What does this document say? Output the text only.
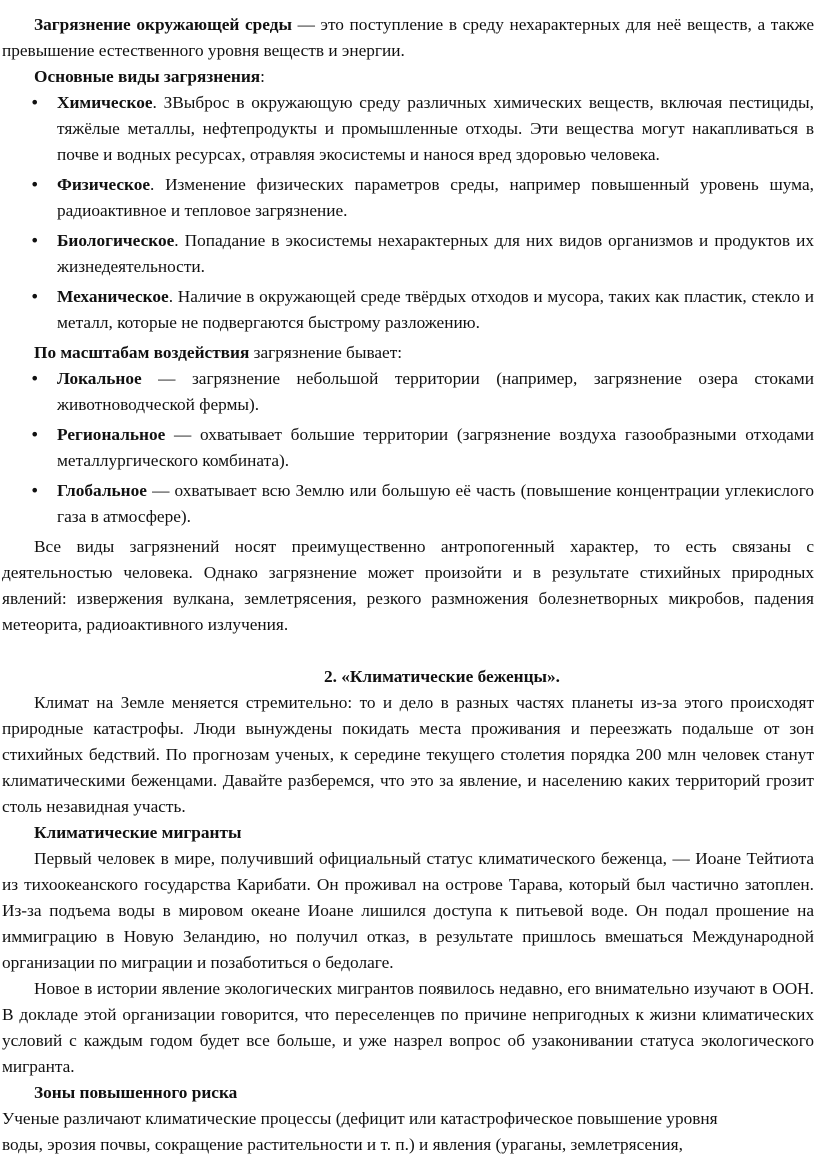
Загрязнение окружающей среды — это поступление в среду нехарактерных для неё веществ, а также превышение естественного уровня веществ и энергии.

Основные виды загрязнения:

• Химическое. ЗВыброс в окружающую среду различных химических веществ, включая пестициды, тяжёлые металлы, нефтепродукты и промышленные отходы. Эти вещества могут накапливаться в почве и водных ресурсах, отравляя экосистемы и нанося вред здоровью человека.
• Физическое. Изменение физических параметров среды, например повышенный уровень шума, радиоактивное и тепловое загрязнение.
• Биологическое. Попадание в экосистемы нехарактерных для них видов организмов и продуктов их жизнедеятельности.
• Механическое. Наличие в окружающей среде твёрдых отходов и мусора, таких как пластик, стекло и металл, которые не подвергаются быстрому разложению.

По масштабам воздействия загрязнение бывает:

• Локальное — загрязнение небольшой территории (например, загрязнение озера стоками животноводческой фермы).
• Региональное — охватывает большие территории (загрязнение воздуха газообразными отходами металлургического комбината).
• Глобальное — охватывает всю Землю или большую её часть (повышение концентрации углекислого газа в атмосфере).

Все виды загрязнений носят преимущественно антропогенный характер, то есть связаны с деятельностью человека. Однако загрязнение может произойти и в результате стихийных природных явлений: извержения вулкана, землетрясения, резкого размножения болезнетворных микробов, падения метеорита, радиоактивного излучения.

2. «Климатические беженцы».

Климат на Земле меняется стремительно: то и дело в разных частях планеты из-за этого происходят природные катастрофы. Люди вынуждены покидать места проживания и переезжать подальше от зон стихийных бедствий. По прогнозам ученых, к середине текущего столетия порядка 200 млн человек станут климатическими беженцами. Давайте разберемся, что это за явление, и населению каких территорий грозит столь незавидная участь.

Климатические мигранты

Первый человек в мире, получивший официальный статус климатического беженца, — Иоане Тейтиота из тихоокеанского государства Карибати. Он проживал на острове Тарава, который был частично затоплен. Из-за подъема воды в мировом океане Иоане лишился доступа к питьевой воде. Он подал прошение на иммиграцию в Новую Зеландию, но получил отказ, в результате пришлось вмешаться Международной организации по миграции и позаботиться о бедолаге.

Новое в истории явление экологических мигрантов появилось недавно, его внимательно изучают в ООН. В докладе этой организации говорится, что переселенцев по причине непригодных к жизни климатических условий с каждым годом будет все больше, и уже назрел вопрос об узаконивании статуса экологического мигранта.

Зоны повышенного риска

Ученые различают климатические процессы (дефицит или катастрофическое повышение уровня
воды, эрозия почвы, сокращение растительности и т. п.) и явления (ураганы, землетрясения,
